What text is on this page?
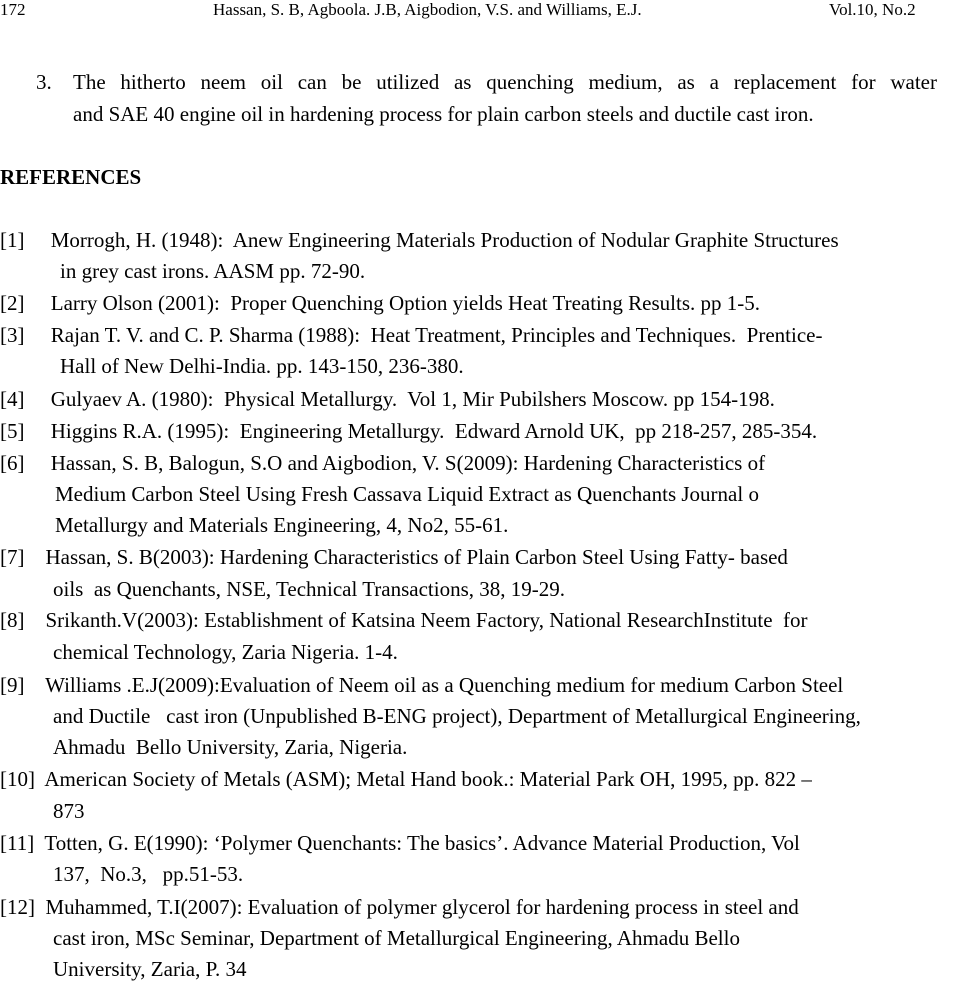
172	Hassan, S. B, Agboola. J.B, Aigbodion, V.S. and Williams, E.J.	Vol.10, No.2
3. The hitherto neem oil can be utilized as quenching medium, as a replacement for water
and SAE 40 engine oil in hardening process for plain carbon steels and ductile cast iron.
REFERENCES
[1]     Morrogh, H. (1948):  Anew Engineering Materials Production of Nodular Graphite Structures
in grey cast irons. AASM pp. 72-90.
[2]     Larry Olson (2001):  Proper Quenching Option yields Heat Treating Results. pp 1-5.
[3]     Rajan T. V. and C. P. Sharma (1988):  Heat Treatment, Principles and Techniques.  Prentice-
Hall of New Delhi-India. pp. 143-150, 236-380.
[4]     Gulyaev A. (1980):  Physical Metallurgy.  Vol 1, Mir Pubilshers Moscow. pp 154-198.
[5]     Higgins R.A. (1995):  Engineering Metallurgy.  Edward Arnold UK,  pp 218-257, 285-354.
[6]     Hassan, S. B, Balogun, S.O and Aigbodion, V. S(2009): Hardening Characteristics of
Medium Carbon Steel Using Fresh Cassava Liquid Extract as Quenchants Journal o
Metallurgy and Materials Engineering, 4, No2, 55-61.
[7]    Hassan, S. B(2003): Hardening Characteristics of Plain Carbon Steel Using Fatty- based
oils  as Quenchants, NSE, Technical Transactions, 38, 19-29.
[8]    Srikanth.V(2003): Establishment of Katsina Neem Factory, National ResearchInstitute  for
chemical Technology, Zaria Nigeria. 1-4.
[9]    Williams .E.J(2009):Evaluation of Neem oil as a Quenching medium for medium Carbon Steel
and Ductile   cast iron (Unpublished B-ENG project), Department of Metallurgical Engineering,
Ahmadu  Bello University, Zaria, Nigeria.
[10]  American Society of Metals (ASM); Metal Hand book.: Material Park OH, 1995, pp. 822 –
873
[11]  Totten, G. E(1990): ‘Polymer Quenchants: The basics’. Advance Material Production, Vol
137,  No.3,   pp.51-53.
[12]  Muhammed, T.I(2007): Evaluation of polymer glycerol for hardening process in steel and
cast iron, MSc Seminar, Department of Metallurgical Engineering, Ahmadu Bello
University, Zaria, P. 34
